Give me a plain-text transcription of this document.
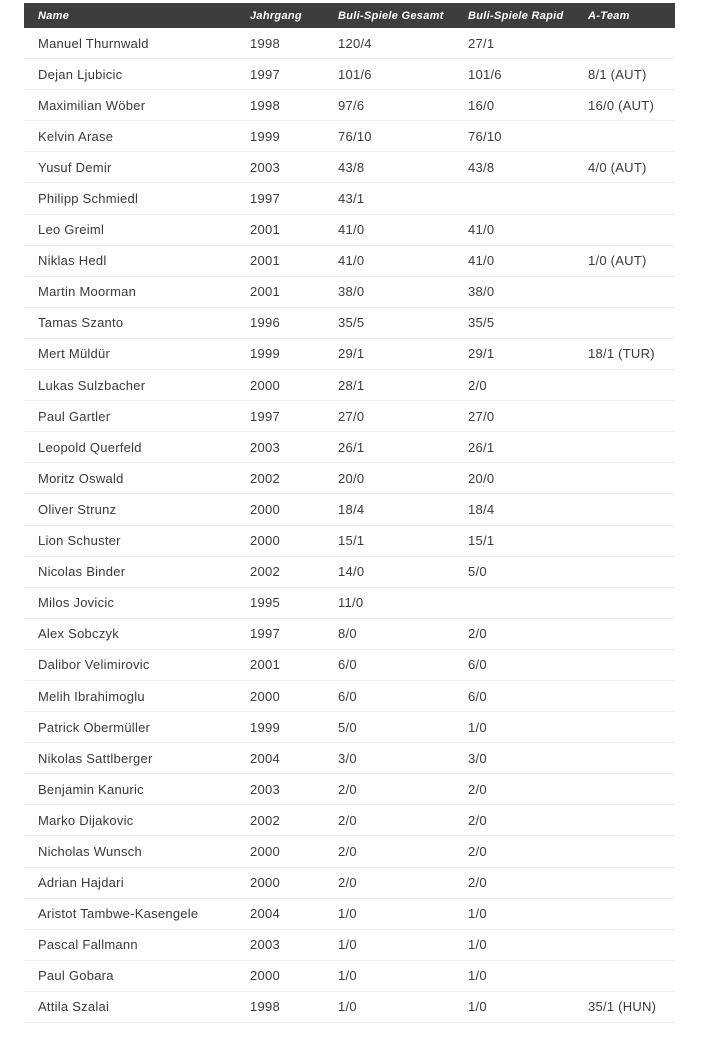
Name	Jahrgang	Buli-Spiele Gesamt	Buli-Spiele Rapid	A-Team
Manuel Thurnwald	1998	120/4	27/1	
Dejan Ljubicic	1997	101/6	101/6	8/1 (AUT)
Maximilian Wöber	1998	97/6	16/0	16/0 (AUT)
Kelvin Arase	1999	76/10	76/10	
Yusuf Demir	2003	43/8	43/8	4/0 (AUT)
Philipp Schmiedl	1997	43/1		
Leo Greiml	2001	41/0	41/0	
Niklas Hedl	2001	41/0	41/0	1/0 (AUT)
Martin Moorman	2001	38/0	38/0	
Tamas Szanto	1996	35/5	35/5	
Mert Müldür	1999	29/1	29/1	18/1 (TUR)
Lukas Sulzbacher	2000	28/1	2/0	
Paul Gartler	1997	27/0	27/0	
Leopold Querfeld	2003	26/1	26/1	
Moritz Oswald	2002	20/0	20/0	
Oliver Strunz	2000	18/4	18/4	
Lion Schuster	2000	15/1	15/1	
Nicolas Binder	2002	14/0	5/0	
Milos Jovicic	1995	11/0		
Alex Sobczyk	1997	8/0	2/0	
Dalibor Velimirovic	2001	6/0	6/0	
Melih Ibrahimoglu	2000	6/0	6/0	
Patrick Obermüller	1999	5/0	1/0	
Nikolas Sattlberger	2004	3/0	3/0	
Benjamin Kanuric	2003	2/0	2/0	
Marko Dijakovic	2002	2/0	2/0	
Nicholas Wunsch	2000	2/0	2/0	
Adrian Hajdari	2000	2/0	2/0	
Aristot Tambwe-Kasengele	2004	1/0	1/0	
Pascal Fallmann	2003	1/0	1/0	
Paul Gobara	2000	1/0	1/0	
Attila Szalai	1998	1/0	1/0	35/1 (HUN)
